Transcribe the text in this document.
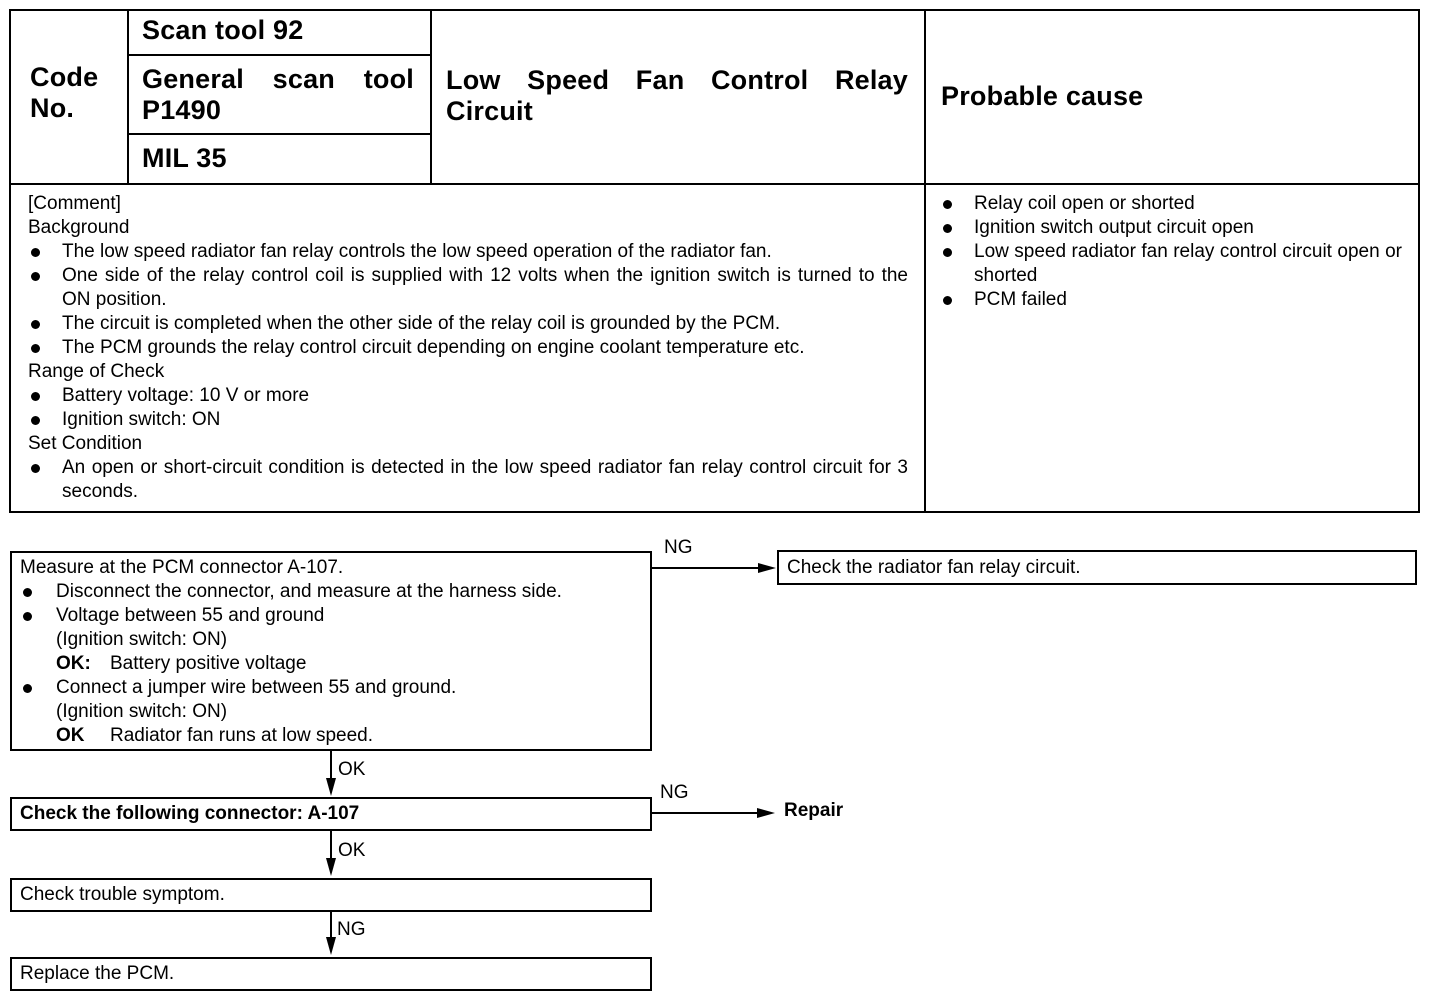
Code
No.
Scan tool 92
General scan tool
P1490
MIL 35
Low Speed Fan Control Relay
Circuit	Probable cause
[Comment]
Background
The low speed radiator fan relay controls the low speed operation of the radiator fan.
One side of the relay control coil is supplied with 12 volts when the ignition switch is turned to the ON position.
The circuit is completed when the other side of the relay coil is grounded by the PCM.
The PCM grounds the relay control circuit depending on engine coolant temperature etc.
Range of Check
Battery voltage: 10 V or more
Ignition switch: ON
Set Condition
An open or short-circuit condition is detected in the low speed radiator fan relay control circuit for 3 seconds.
Relay coil open or shorted
Ignition switch output circuit open
Low speed radiator fan relay control circuit open or shorted
PCM failed
Measure at the PCM connector A-107.
Disconnect the connector, and measure at the harness side.
Voltage between 55 and ground
(Ignition switch: ON)
OK: Battery positive voltage
Connect a jumper wire between 55 and ground.
(Ignition switch: ON)
OK Radiator fan runs at low speed.
NG
Check the radiator fan relay circuit.
OK
Check the following connector: A-107
NG
Repair
OK
Check trouble symptom.
NG
Replace the PCM.
